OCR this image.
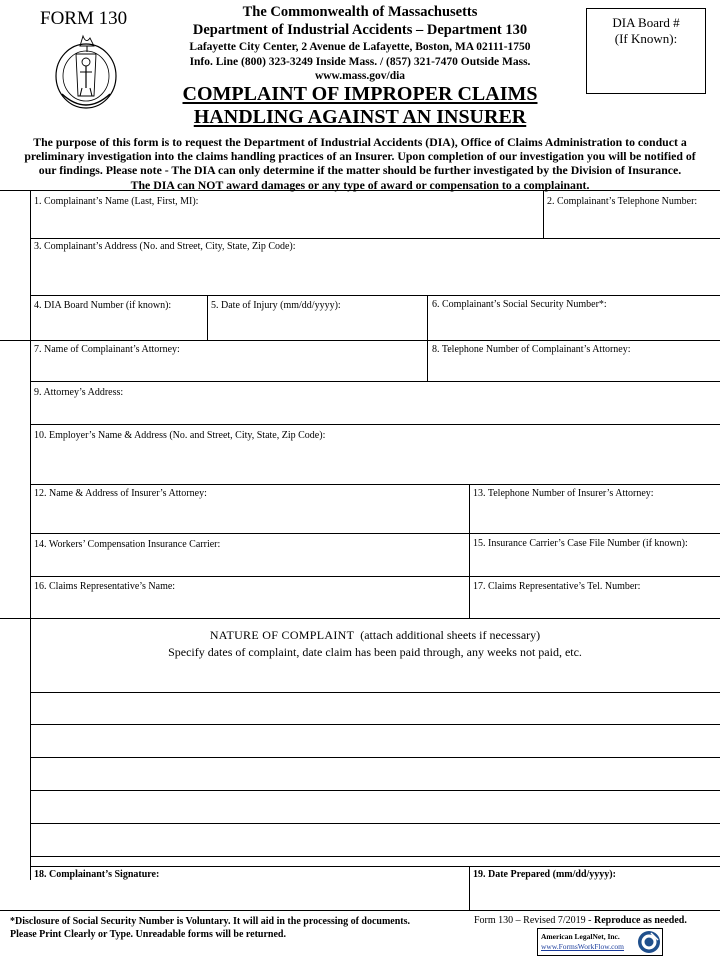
FORM 130	The Commonwealth of Massachusetts
Department of Industrial Accidents – Department 130
Lafayette City Center, 2 Avenue de Lafayette, Boston, MA 02111-1750
Info. Line (800) 323-3249 Inside Mass. / (857) 321-7470 Outside Mass.
www.mass.gov/dia
COMPLAINT OF IMPROPER CLAIMS
HANDLING AGAINST AN INSURER
DIA Board #
(If Known):
The purpose of this form is to request the Department of Industrial Accidents (DIA), Office of Claims Administration to conduct a
preliminary investigation into the claims handling practices of an Insurer. Upon completion of our investigation you will be notified of
our findings. Please note - The DIA can only determine if the matter should be further investigated by the Division of Insurance.
The DIA can NOT award damages or any type of award or compensation to a complainant.
1. Complainant’s Name (Last, First, MI):	2. Complainant’s Telephone Number:
3. Complainant’s Address (No. and Street, City, State, Zip Code):
4. DIA Board Number (if known):	5. Date of Injury (mm/dd/yyyy):	6. Complainant’s Social Security Number*:
7. Name of Complainant’s Attorney:	8. Telephone Number of Complainant’s Attorney:
9. Attorney’s Address:
10. Employer’s Name & Address (No. and Street, City, State, Zip Code):
12. Name & Address of Insurer’s Attorney:	13. Telephone Number of Insurer’s Attorney:
14. Workers’ Compensation Insurance Carrier:	15. Insurance Carrier’s Case File Number (if known):
16. Claims Representative’s Name:	17. Claims Representative’s Tel. Number:
NATURE OF COMPLAINT (attach additional sheets if necessary)
Specify dates of complaint, date claim has been paid through, any weeks not paid, etc.
18. Complainant’s Signature:	19. Date Prepared (mm/dd/yyyy):
*Disclosure of Social Security Number is Voluntary. It will aid in the processing of documents.
Please Print Clearly or Type. Unreadable forms will be returned.
Form 130 – Revised 7/2019 - Reproduce as needed.
American LegalNet, Inc.
www.FormsWorkFlow.com
